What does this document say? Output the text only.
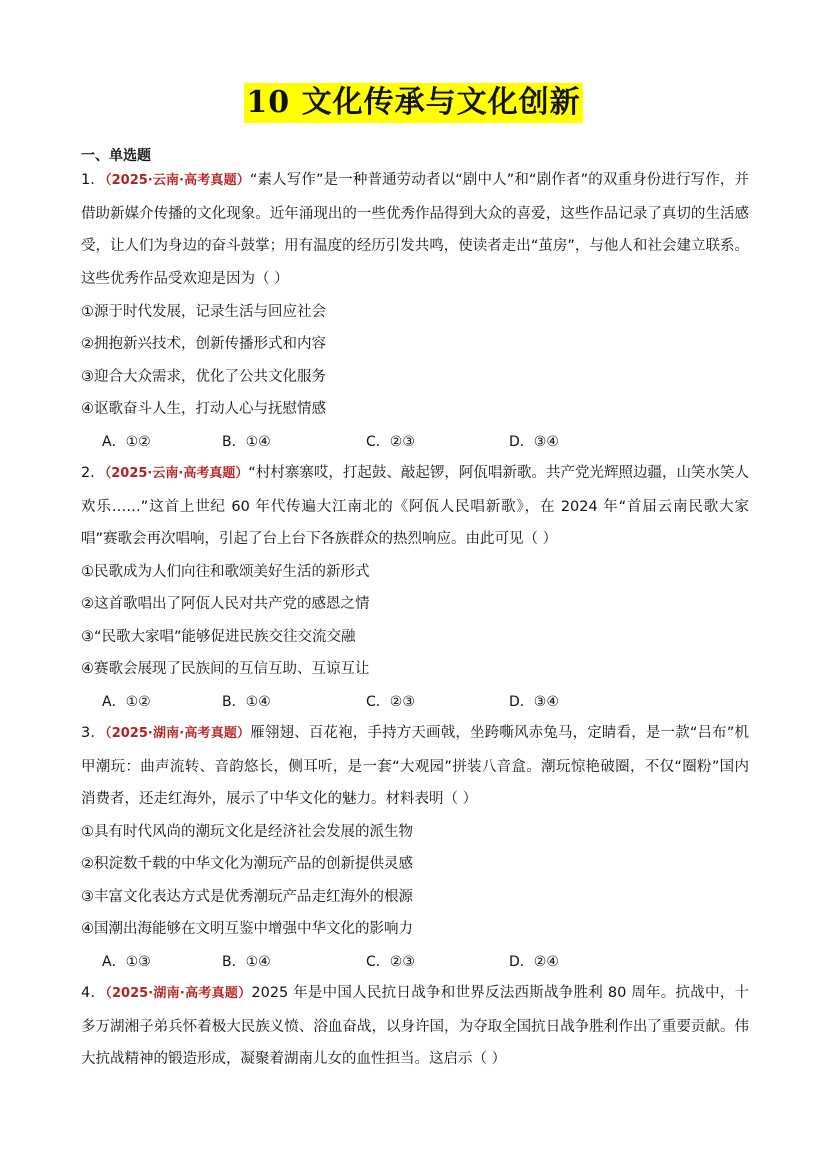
10 文化传承与文化创新
一、单选题
1．（2025·云南·高考真题）“素人写作”是一种普通劳动者以“剧中人”和“剧作者”的双重身份进行写作，并借助新媒介传播的文化现象。近年涌现出的一些优秀作品得到大众的喜爱，这些作品记录了真切的生活感受，让人们为身边的奋斗鼓掌；用有温度的经历引发共鸣，使读者走出“茧房”，与他人和社会建立联系。这些优秀作品受欢迎是因为（ ）
①源于时代发展，记录生活与回应社会
②拥抱新兴技术，创新传播形式和内容
③迎合大众需求，优化了公共文化服务
④讴歌奋斗人生，打动人心与抚慰情感
A．①②	B．①④	C．②③	D．③④
2．（2025·云南·高考真题）“村村寨寨哎，打起鼓、敲起锣，阿佤唱新歌。共产党光辉照边疆，山笑水笑人欢乐……”这首上世纪 60 年代传遍大江南北的《阿佤人民唱新歌》，在 2024 年“首届云南民歌大家唱”赛歌会再次唱响，引起了台上台下各族群众的热烈响应。由此可见（ ）
①民歌成为人们向往和歌颂美好生活的新形式
②这首歌唱出了阿佤人民对共产党的感恩之情
③“民歌大家唱”能够促进民族交往交流交融
④赛歌会展现了民族间的互信互助、互谅互让
A．①②	B．①④	C．②③	D．③④
3．（2025·湖南·高考真题）雁翎翅、百花袍，手持方天画戟，坐跨嘶风赤兔马，定睛看，是一款“吕布”机甲潮玩：曲声流转、音韵悠长，侧耳听，是一套“大观园”拼装八音盒。潮玩惊艳破圈，不仅“圈粉”国内消费者，还走红海外，展示了中华文化的魅力。材料表明（ ）
①具有时代风尚的潮玩文化是经济社会发展的派生物
②积淀数千载的中华文化为潮玩产品的创新提供灵感
③丰富文化表达方式是优秀潮玩产品走红海外的根源
④国潮出海能够在文明互鉴中增强中华文化的影响力
A．①③	B．①④	C．②③	D．②④
4．（2025·湖南·高考真题）2025 年是中国人民抗日战争和世界反法西斯战争胜利 80 周年。抗战中，十多万湖湘子弟兵怀着极大民族义愤、浴血奋战，以身许国，为夺取全国抗日战争胜利作出了重要贡献。伟大抗战精神的锻造形成，凝聚着湖南儿女的血性担当。这启示（ ）
